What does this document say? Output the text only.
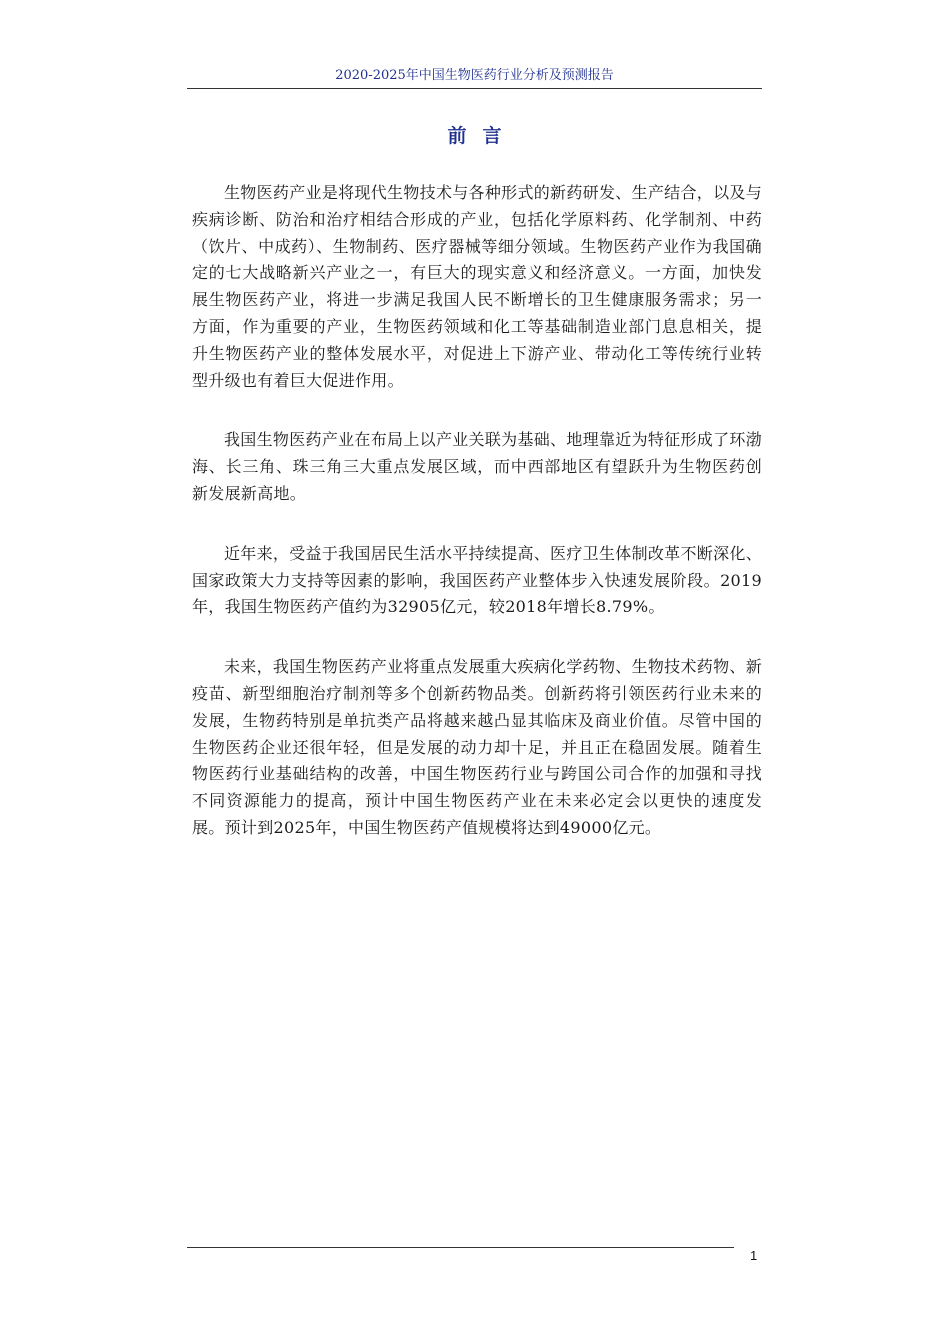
2020-2025年中国生物医药行业分析及预测报告
前言

生物医药产业是将现代生物技术与各种形式的新药研发、生产结合，以及与疾病诊断、防治和治疗相结合形成的产业，包括化学原料药、化学制剂、中药（饮片、中成药）、生物制药、医疗器械等细分领域。生物医药产业作为我国确定的七大战略新兴产业之一，有巨大的现实意义和经济意义。一方面，加快发展生物医药产业，将进一步满足我国人民不断增长的卫生健康服务需求；另一方面，作为重要的产业，生物医药领域和化工等基础制造业部门息息相关，提升生物医药产业的整体发展水平，对促进上下游产业、带动化工等传统行业转型升级也有着巨大促进作用。

我国生物医药产业在布局上以产业关联为基础、地理靠近为特征形成了环渤海、长三角、珠三角三大重点发展区域，而中西部地区有望跃升为生物医药创新发展新高地。

近年来，受益于我国居民生活水平持续提高、医疗卫生体制改革不断深化、国家政策大力支持等因素的影响，我国医药产业整体步入快速发展阶段。2019年，我国生物医药产值约为32905亿元，较2018年增长8.79%。

未来，我国生物医药产业将重点发展重大疾病化学药物、生物技术药物、新疫苗、新型细胞治疗制剂等多个创新药物品类。创新药将引领医药行业未来的发展，生物药特别是单抗类产品将越来越凸显其临床及商业价值。尽管中国的生物医药企业还很年轻，但是发展的动力却十足，并且正在稳固发展。随着生物医药行业基础结构的改善，中国生物医药行业与跨国公司合作的加强和寻找不同资源能力的提高，预计中国生物医药产业在未来必定会以更快的速度发展。预计到2025年，中国生物医药产值规模将达到49000亿元。

1
